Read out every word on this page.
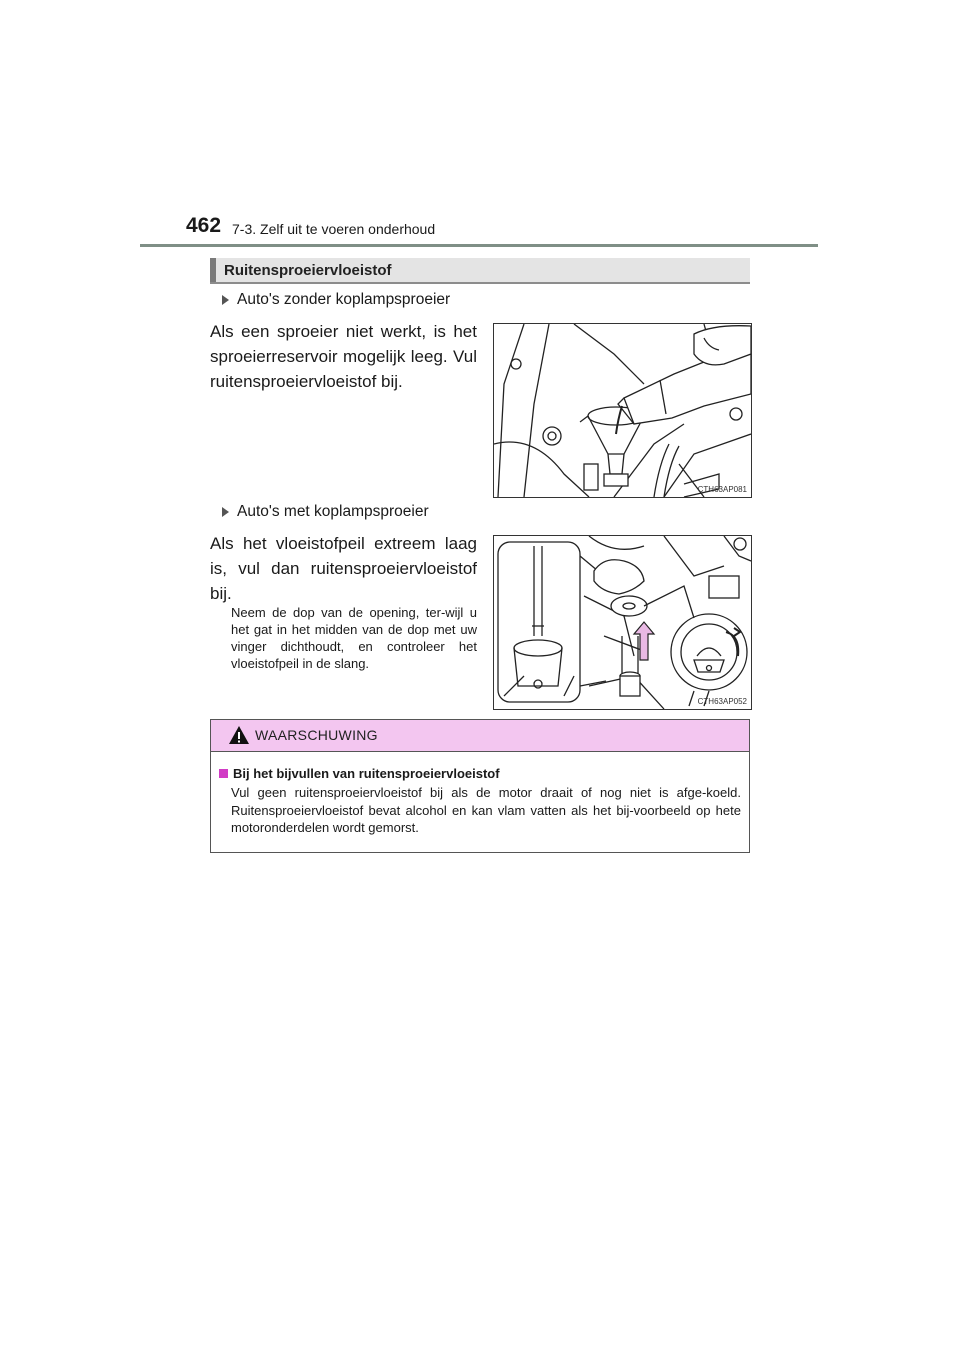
462 7-3. Zelf uit te voeren onderhoud
Ruitensproeiervloeistof
Auto's zonder koplampsproeier
Als een sproeier niet werkt, is het sproeierreservoir mogelijk leeg. Vul ruitensproeiervloeistof bij.
CTH63AP081
Auto's met koplampsproeier
Als het vloeistofpeil extreem laag is, vul dan ruitensproeiervloeistof bij.
Neem de dop van de opening, ter-wijl u het gat in het midden van de dop met uw vinger dichthoudt, en controleer het vloeistofpeil in de slang.
CTH63AP052
WAARSCHUWING
Bij het bijvullen van ruitensproeiervloeistof
Vul geen ruitensproeiervloeistof bij als de motor draait of nog niet is afge-koeld. Ruitensproeiervloeistof bevat alcohol en kan vlam vatten als het bij-voorbeeld op hete motoronderdelen wordt gemorst.
